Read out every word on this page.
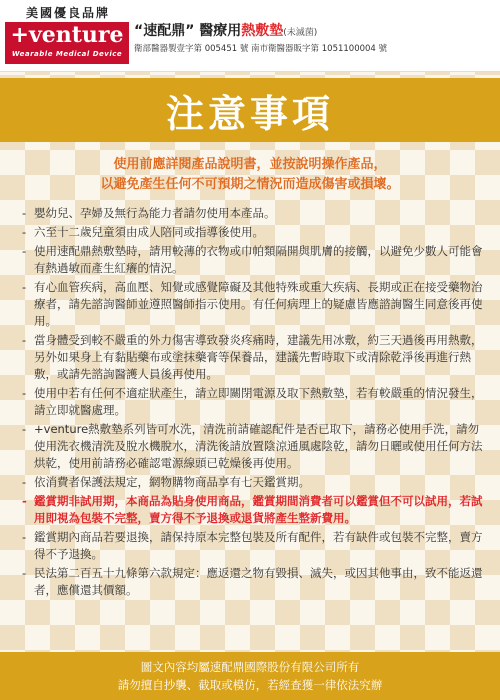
美國優良品牌
+venture
Wearable Medical Device
“速配鼎” 醫療用熱敷墊(未滅菌)
衛部醫器製壹字第 005451 號 南市衛醫器販字第 1051100004 號
注意事項
使用前應詳閱產品說明書，並按說明操作產品，
以避免產生任何不可預期之情況而造成傷害或損壞。
- 嬰幼兒、孕婦及無行為能力者請勿使用本產品。
- 六至十二歲兒童須由成人陪同或指導後使用。
- 使用速配鼎熱敷墊時，請用較薄的衣物或巾帕類隔開與肌膚的接觸，以避免少數人可能會有熱過敏而產生紅癢的情況。
- 有心血管疾病，高血壓、知覺或感覺障礙及其他特殊或重大疾病、長期或正在接受藥物治療者，請先諮詢醫師並遵照醫師指示使用。有任何病理上的疑慮皆應諮詢醫生同意後再使用。
- 當身體受到較不嚴重的外力傷害導致發炎疼痛時，建議先用冰敷，約三天過後再用熱敷，另外如果身上有黏貼藥布或塗抹藥膏等保養品，建議先暫時取下或清除乾淨後再進行熱敷，或請先諮詢醫護人員後再使用。
- 使用中若有任何不適症狀產生，請立即關閉電源及取下熱敷墊，若有較嚴重的情況發生，請立即就醫處理。
- +venture熱敷墊系列皆可水洗，清洗前請確認配件是否已取下，請務必使用手洗，請勿使用洗衣機清洗及脫水機脫水，清洗後請放置陰涼通風處陰乾，請勿日曬或使用任何方法烘乾，使用前請務必確認電源線頭已乾燥後再使用。
- 依消費者保護法規定，網物購物商品享有七天鑑賞期。
- 鑑賞期非試用期，本商品為貼身使用商品，鑑賞期間消費者可以鑑賞但不可以試用，若試用即視為包裝不完整，賣方得不予退換或退貨將產生整新費用。
- 鑑賞期內商品若要退換，請保持原本完整包裝及所有配件，若有缺件或包裝不完整，賣方得不予退換。
- 民法第二百五十九條第六款規定：應返還之物有毀損、滅失，或因其他事由，致不能返還者，應償還其價額。
圖文內容均屬速配鼎國際股份有限公司所有
請勿擅自抄襲、截取或模仿，若經查獲一律依法究辦
